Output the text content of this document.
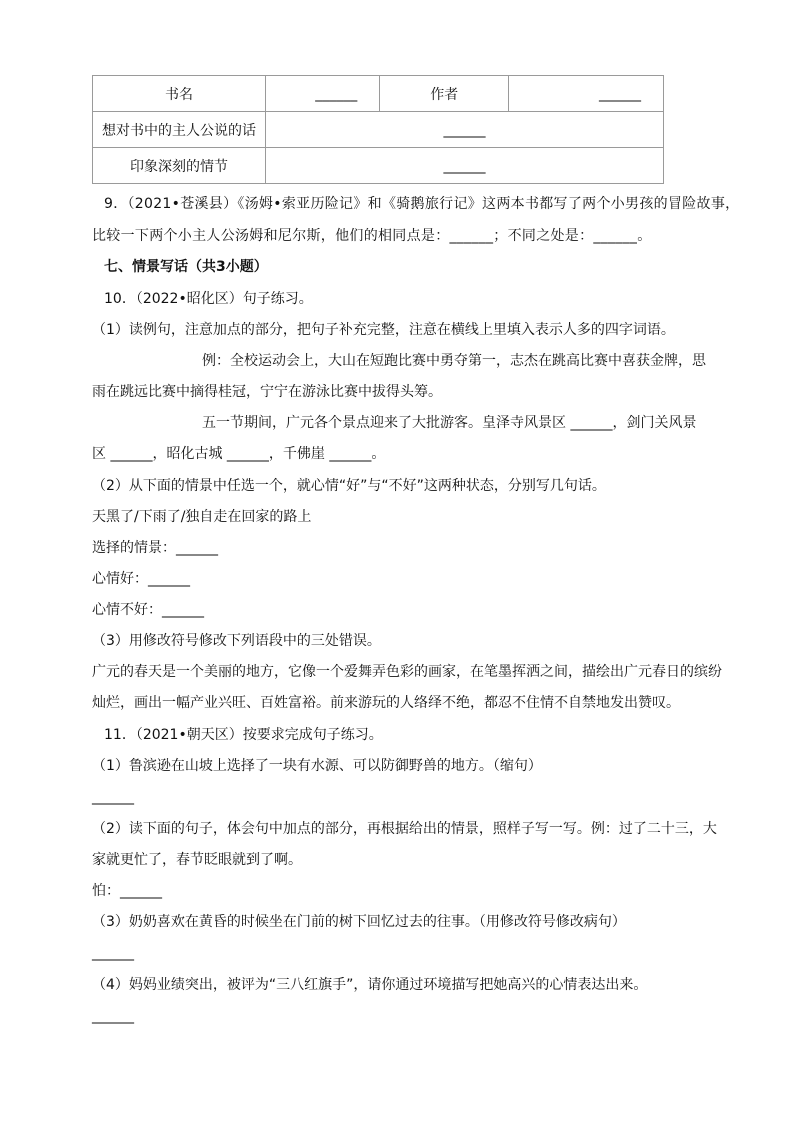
书名	______	作者	______
想对书中的主人公说的话	______		
印象深刻的情节	______		
9．（2021•苍溪县）《汤姆•索亚历险记》和《骑鹅旅行记》这两本书都写了两个小男孩的冒险故事，
比较一下两个小主人公汤姆和尼尔斯，他们的相同点是：______；不同之处是：______。
七、情景写话（共3小题）
10．（2022•昭化区）句子练习。
（1）读例句，注意加点的部分，把句子补充完整，注意在横线上里填入表示人多的四字词语。
例：全校运动会上，大山在短跑比赛中勇夺第一，志杰在跳高比赛中喜获金牌，思
雨在跳远比赛中摘得桂冠，宁宁在游泳比赛中拔得头筹。
五一节期间，广元各个景点迎来了大批游客。皇泽寺风景区 ______，剑门关风景
区 ______，昭化古城 ______，千佛崖 ______。
（2）从下面的情景中任选一个，就心情“好”与“不好”这两种状态，分别写几句话。
天黑了/下雨了/独自走在回家的路上
选择的情景：______
心情好：______
心情不好：______
（3）用修改符号修改下列语段中的三处错误。
广元的春天是一个美丽的地方，它像一个爱舞弄色彩的画家，在笔墨挥洒之间，描绘出广元春日的缤纷
灿烂，画出一幅产业兴旺、百姓富裕。前来游玩的人络绎不绝，都忍不住情不自禁地发出赞叹。
11．（2021•朝天区）按要求完成句子练习。
（1）鲁滨逊在山坡上选择了一块有水源、可以防御野兽的地方。（缩句）
______
（2）读下面的句子，体会句中加点的部分，再根据给出的情景，照样子写一写。例：过了二十三，大
家就更忙了，春节眨眼就到了啊。
怕：______
（3）奶奶喜欢在黄昏的时候坐在门前的树下回忆过去的往事。（用修改符号修改病句）
______
（4）妈妈业绩突出，被评为“三八红旗手”，请你通过环境描写把她高兴的心情表达出来。
______
